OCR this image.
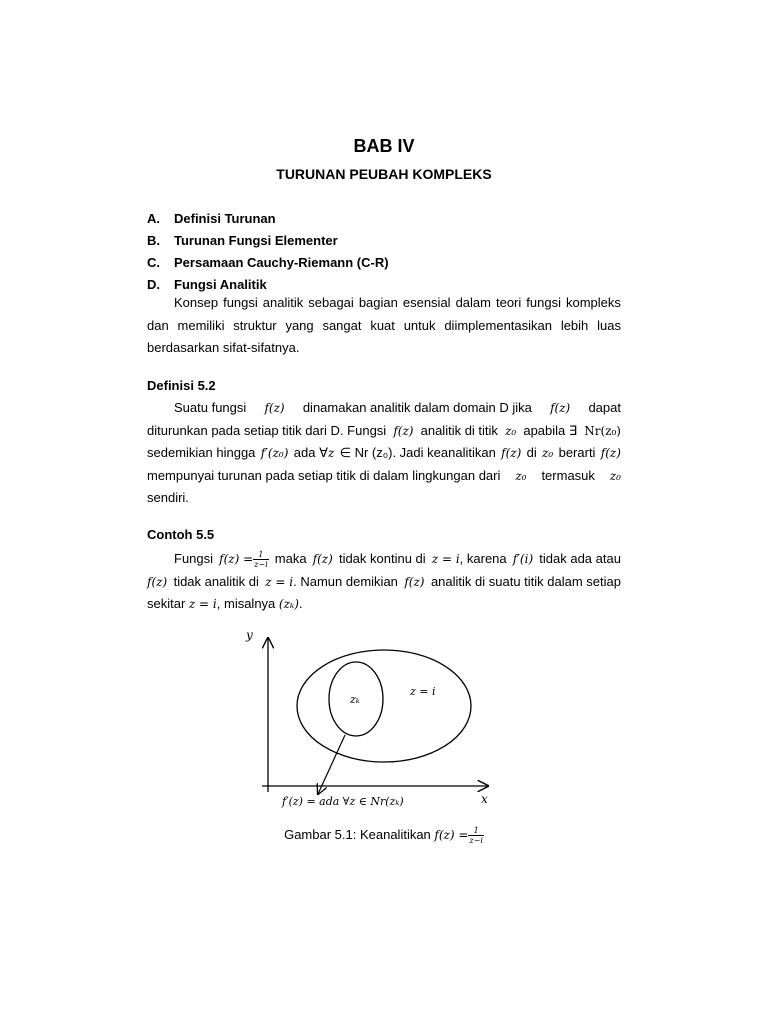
BAB IV
TURUNAN PEUBAH KOMPLEKS
A. Definisi Turunan
B. Turunan Fungsi Elementer
C. Persamaan Cauchy-Riemann (C-R)
D. Fungsi Analitik
Konsep fungsi analitik sebagai bagian esensial dalam teori fungsi kompleks
dan memiliki struktur yang sangat kuat untuk diimplementasikan lebih luas
berdasarkan sifat-sifatnya.
Definisi 5.2
Suatu fungsi f(z) dinamakan analitik dalam domain D jika f(z) dapat
diturunkan pada setiap titik dari D. Fungsi f(z) analitik di titik z₀ apabila ∃ Nr(z₀)
sedemikian hingga f′(z₀) ada ∀z ∈ Nr (z₀). Jadi keanalitikan f(z) di z₀ berarti f(z)
mempunyai turunan pada setiap titik di dalam lingkungan dari z₀ termasuk z₀
sendiri.
Contoh 5.5
Fungsi $f(z) = \frac{1}{z-i}$ maka f(z) tidak kontinu di z = i, karena f′(i) tidak ada atau
f(z) tidak analitik di z = i. Namun demikian f(z) analitik di suatu titik dalam setiap
sekitar z = i, misalnya (zₖ).
y
x
zₖ
z = i
f′(z) = ada ∀z ∈ Nr(zₖ)
Gambar 5.1: Keanalitikan $f(z) = \frac{1}{z-i}$
